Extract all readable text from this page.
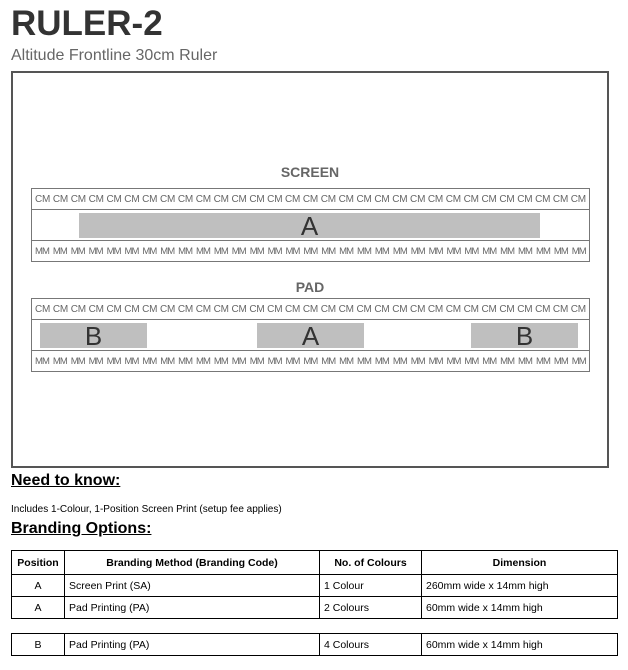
RULER-2
Altitude Frontline 30cm Ruler
SCREEN
CM CM CM CM CM CM CM CM CM CM CM CM CM CM CM CM CM CM CM CM CM CM CM CM CM CM CM CM CM CM CM
A
MM MM MM MM MM MM MM MM MM MM MM MM MM MM MM MM MM MM MM MM MM MM MM MM MM MM MM MM MM MM MM
PAD
CM CM CM CM CM CM CM CM CM CM CM CM CM CM CM CM CM CM CM CM CM CM CM CM CM CM CM CM CM CM CM
B	A	B
MM MM MM MM MM MM MM MM MM MM MM MM MM MM MM MM MM MM MM MM MM MM MM MM MM MM MM MM MM MM MM
Need to know:
Includes 1-Colour, 1-Position Screen Print (setup fee applies)
Branding Options:
Position	Branding Method (Branding Code)	No. of Colours	Dimension
A	Screen Print (SA)	1 Colour	260mm wide x 14mm high
A	Pad Printing (PA)	2 Colours	60mm wide x 14mm high
B	Pad Printing (PA)	4 Colours	60mm wide x 14mm high
